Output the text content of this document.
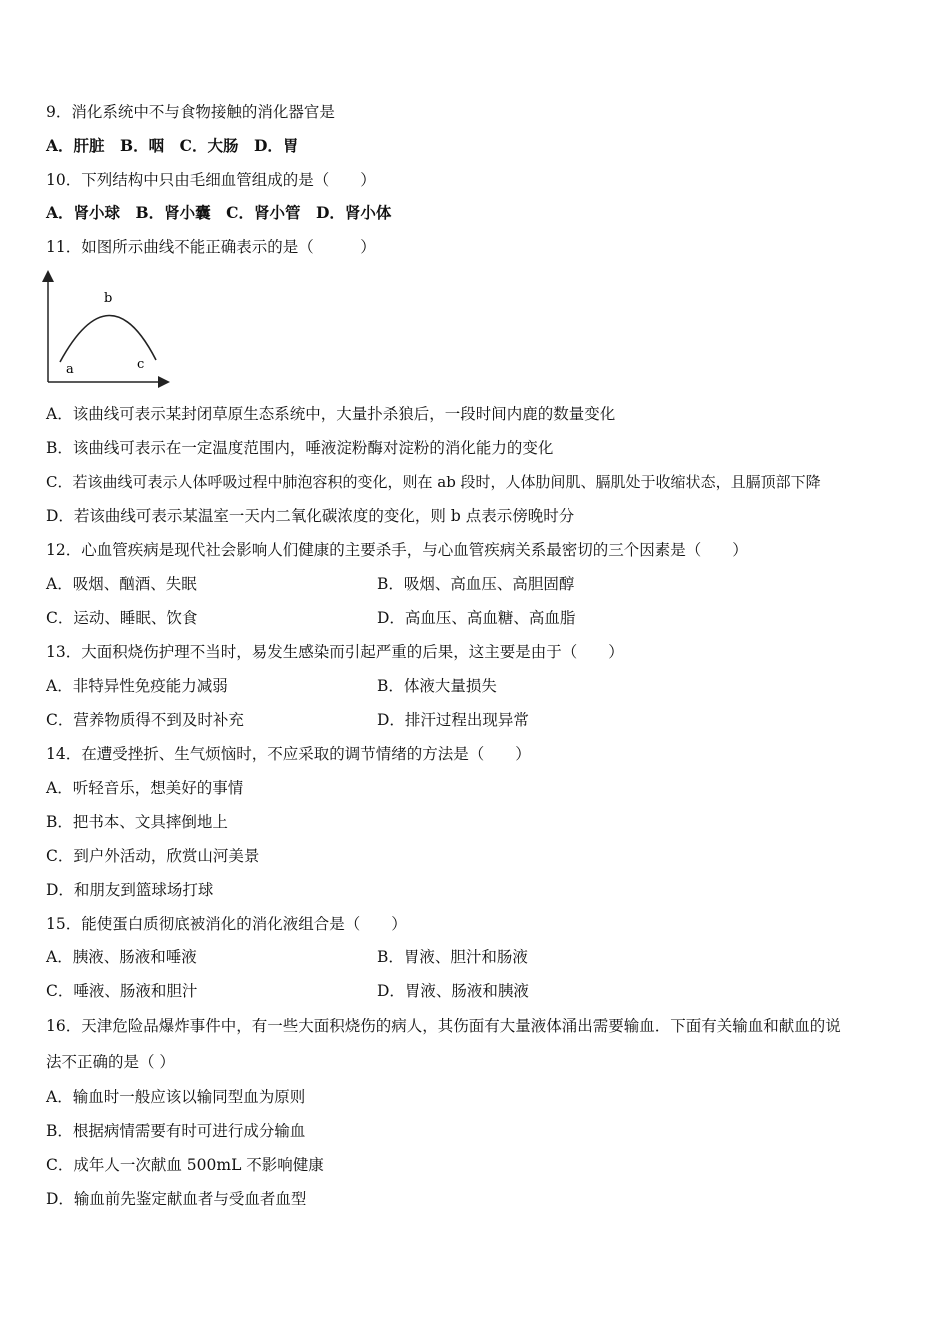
9．消化系统中不与食物接触的消化器官是
A．肝脏　B．咽　C．大肠　D．胃
10．下列结构中只由毛细血管组成的是（　　）
A．肾小球　B．肾小囊　C．肾小管　D．肾小体
11．如图所示曲线不能正确表示的是（　　　）
a
b
c
A．该曲线可表示某封闭草原生态系统中，大量扑杀狼后，一段时间内鹿的数量变化
B．该曲线可表示在一定温度范围内，唾液淀粉酶对淀粉的消化能力的变化
C．若该曲线可表示人体呼吸过程中肺泡容积的变化，则在 ab 段时，人体肋间肌、膈肌处于收缩状态，且膈顶部下降
D．若该曲线可表示某温室一天内二氧化碳浓度的变化，则 b 点表示傍晚时分
12．心血管疾病是现代社会影响人们健康的主要杀手，与心血管疾病关系最密切的三个因素是（　　）
A．吸烟、酗酒、失眠	B．吸烟、高血压、高胆固醇
C．运动、睡眠、饮食	D．高血压、高血糖、高血脂
13．大面积烧伤护理不当时，易发生感染而引起严重的后果，这主要是由于（　　）
A．非特异性免疫能力减弱	B．体液大量损失
C．营养物质得不到及时补充	D．排汗过程出现异常
14．在遭受挫折、生气烦恼时，不应采取的调节情绪的方法是（　　）
A．听轻音乐，想美好的事情
B．把书本、文具摔倒地上
C．到户外活动，欣赏山河美景
D．和朋友到篮球场打球
15．能使蛋白质彻底被消化的消化液组合是（　　）
A．胰液、肠液和唾液	B．胃液、胆汁和肠液
C．唾液、肠液和胆汁	D．胃液、肠液和胰液
16．天津危险品爆炸事件中，有一些大面积烧伤的病人，其伤面有大量液体涌出需要输血．下面有关输血和献血的说
法不正确的是（ ）
A．输血时一般应该以输同型血为原则
B．根据病情需要有时可进行成分输血
C．成年人一次献血 500mL 不影响健康
D．输血前先鉴定献血者与受血者血型
